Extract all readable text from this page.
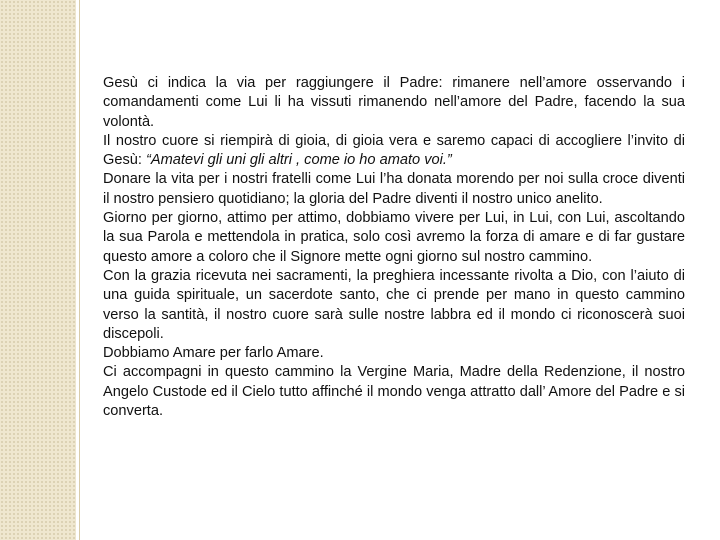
Gesù ci indica la via per raggiungere il Padre: rimanere nell’amore osservando i comandamenti come Lui li ha vissuti rimanendo nell’amore del Padre, facendo la sua volontà.

Il nostro cuore si riempirà di gioia, di gioia vera e saremo capaci di accogliere l’invito di Gesù: “Amatevi gli uni gli altri , come io ho amato voi.”

Donare la vita per i nostri fratelli come Lui l’ha donata morendo per noi sulla croce diventi il nostro pensiero quotidiano; la gloria del Padre diventi il nostro unico anelito.

Giorno per giorno, attimo per attimo, dobbiamo vivere per Lui, in Lui, con Lui, ascoltando la sua Parola e mettendola in pratica, solo così avremo la forza di amare e di far gustare questo amore a coloro che il Signore mette ogni giorno sul nostro cammino.

Con la grazia ricevuta nei sacramenti, la preghiera incessante rivolta a Dio, con l’aiuto di una guida spirituale, un sacerdote santo, che ci prende per mano in questo cammino verso la santità, il nostro cuore sarà sulle nostre labbra ed il mondo ci riconoscerà suoi discepoli.

Dobbiamo Amare per farlo Amare.

Ci accompagni in questo cammino la Vergine Maria, Madre della Redenzione, il nostro Angelo Custode ed il Cielo tutto affinché il mondo venga attratto dall’ Amore del Padre e si converta.
